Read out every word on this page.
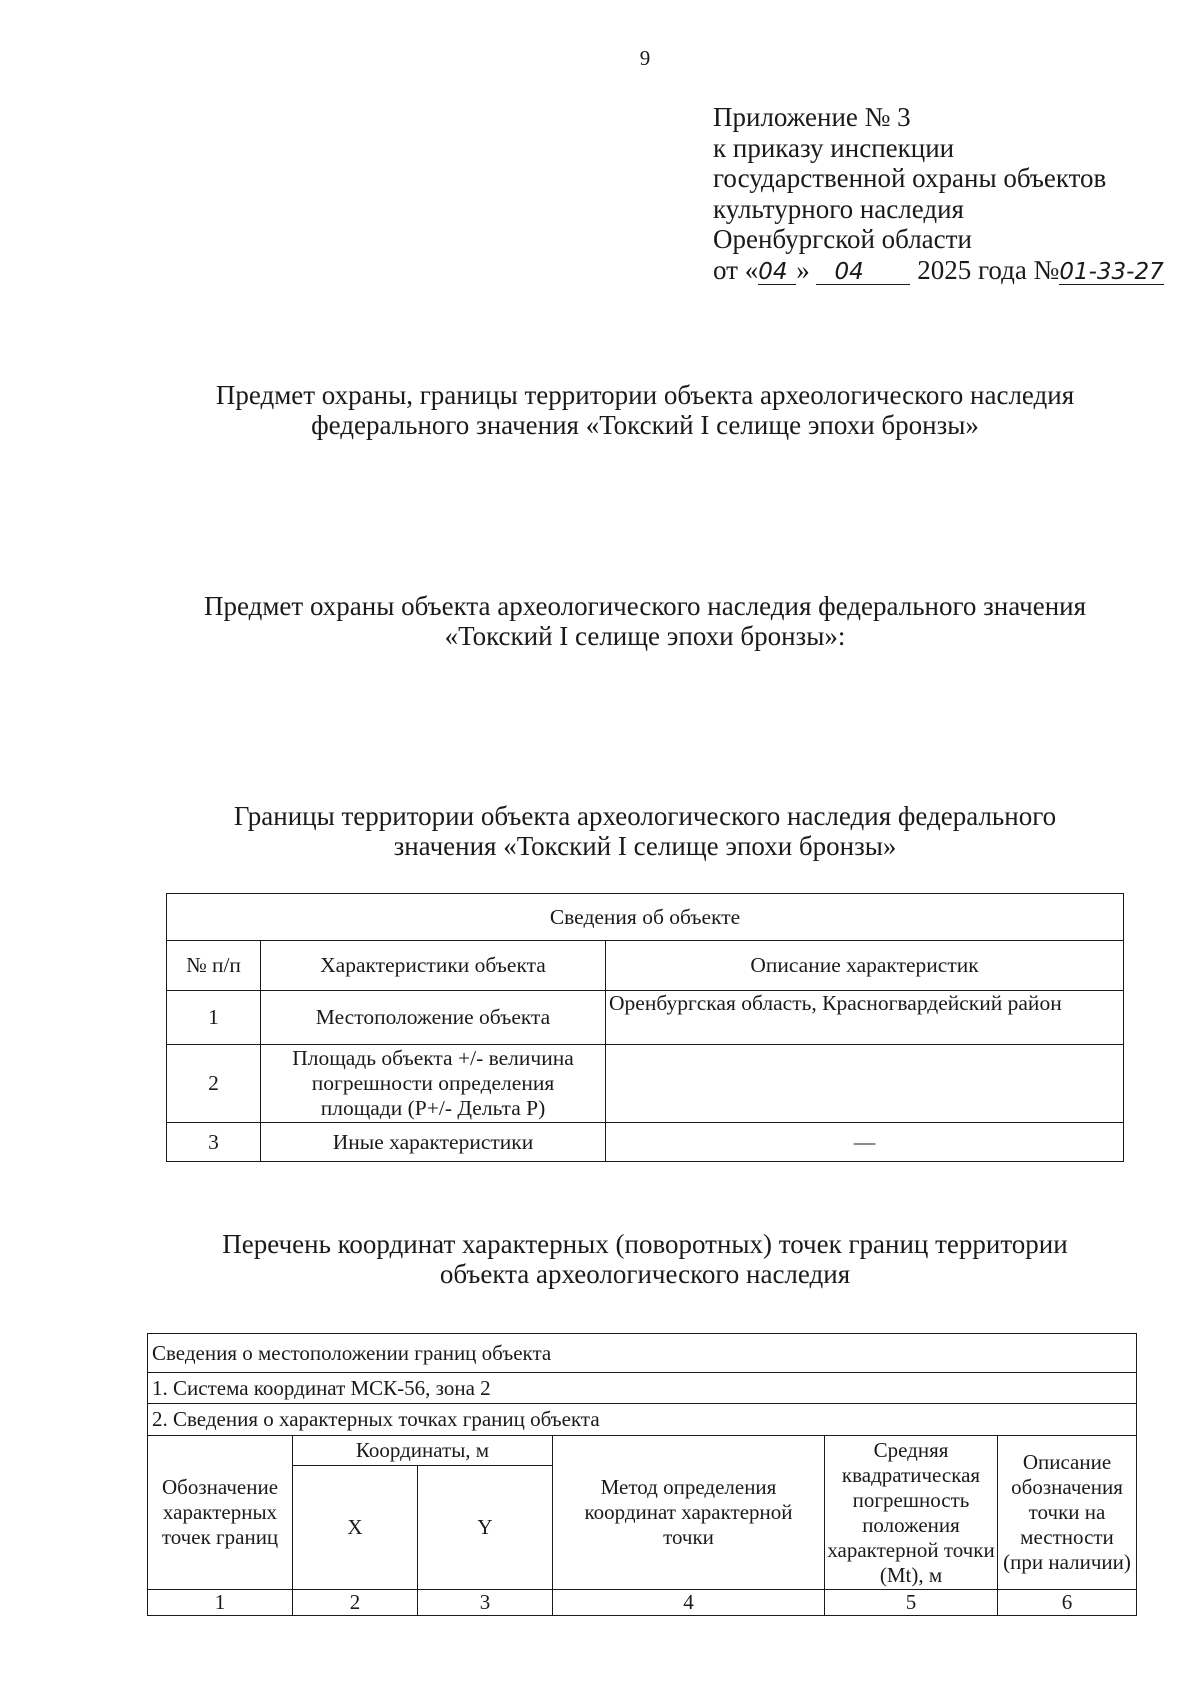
9
Приложение № 3
к приказу инспекции
государственной охраны объектов
культурного наследия
Оренбургской области
от «04 » 04 2025 года №01-33-27
Предмет охраны, границы территории объекта археологического наследия
федерального значения «Токский I селище эпохи бронзы»
Предмет охраны объекта археологического наследия федерального значения
«Токский I селище эпохи бронзы»:
Границы территории объекта археологического наследия федерального
значения «Токский I селище эпохи бронзы»
Сведения об объекте		
№ п/п	Характеристики объекта	Описание характеристик
1	Местоположение объекта	Оренбургская область, Красногвардейский район
2	Площадь объекта +/- величина погрешности определения площади (P+/- Дельта P)	
3	Иные характеристики	—
Перечень координат характерных (поворотных) точек границ территории
объекта археологического наследия
Сведения о местоположении границ объекта					
1. Система координат МСК-56, зона 2					
2. Сведения о характерных точках границ объекта					
Обозначение характерных точек границ	Координаты, м		Метод определения координат характерной точки	Средняя квадратическая погрешность положения характерной точки (Mt), м	Описание обозначения точки на местности (при наличии)
	X	Y			
1	2	3	4	5	6
